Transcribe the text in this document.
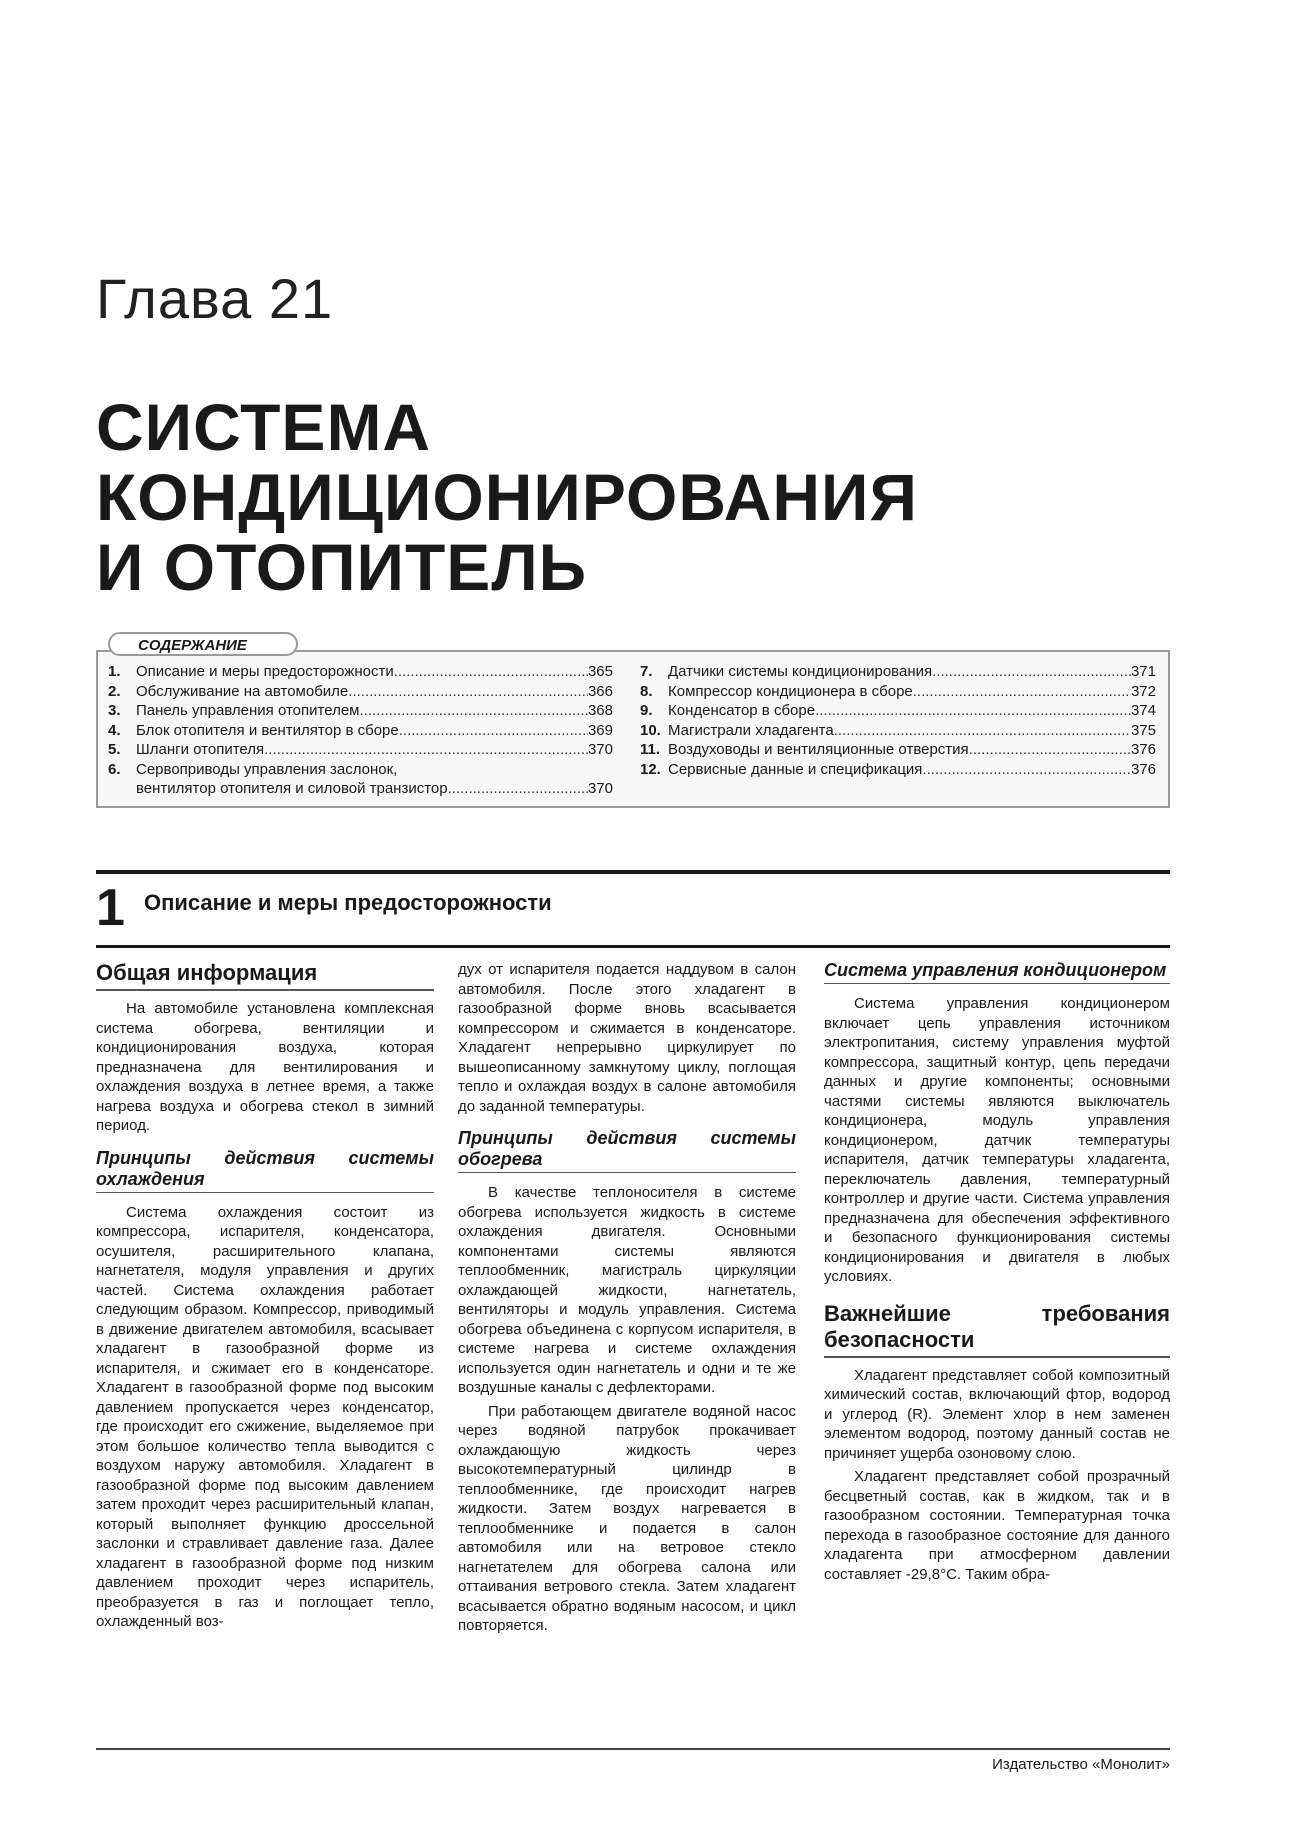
Глава 21
СИСТЕМА
КОНДИЦИОНИРОВАНИЯ
И ОТОПИТЕЛЬ
СОДЕРЖАНИЕ
1.	Описание и меры предосторожности .....	365
2.	Обслуживание на автомобиле .....	366
3.	Панель управления отопителем .....	368
4.	Блок отопителя и вентилятор в сборе .....	369
5.	Шланги отопителя .....	370
6.	Сервоприводы управления заслонок,
вентилятор отопителя и силовой транзистор .....	370
7.	Датчики системы кондиционирования .....	371
8.	Компрессор кондиционера в сборе .....	372
9.	Конденсатор в сборе .....	374
10. Магистрали хладагента .....	375
11. Воздуховоды и вентиляционные отверстия .....	376
12. Сервисные данные и спецификация .....	376
1 Описание и меры предосторожности
Общая информация

На автомобиле установлена комплексная система обогрева, вентиляции и кондиционирования воздуха, которая предназначена для вентилирования и охлаждения воздуха в летнее время, а также нагрева воздуха и обогрева стекол в зимний период.

Принципы действия системы охлаждения

Система охлаждения состоит из компрессора, испарителя, конденсатора, осушителя, расширительного клапана, нагнетателя, модуля управления и других частей. Система охлаждения работает следующим образом. Компрессор, приводимый в движение двигателем автомобиля, всасывает хладагент в газообразной форме из испарителя, и сжимает его в конденсаторе. Хладагент в газообразной форме под высоким давлением пропускается через конденсатор, где происходит его сжижение, выделяемое при этом большое количество тепла выводится с воздухом наружу автомобиля. Хладагент в газообразной форме под высоким давлением затем проходит через расширительный клапан, который выполняет функцию дроссельной заслонки и стравливает давление газа. Далее хладагент в газообразной форме под низким давлением проходит через испаритель, преобразуется в газ и поглощает тепло, охлажденный воз-

дух от испарителя подается наддувом в салон автомобиля. После этого хладагент в газообразной форме вновь всасывается компрессором и сжимается в конденсаторе. Хладагент непрерывно циркулирует по вышеописанному замкнутому циклу, поглощая тепло и охлаждая воздух в салоне автомобиля до заданной температуры.

Принципы действия системы обогрева

В качестве теплоносителя в системе обогрева используется жидкость в системе охлаждения двигателя. Основными компонентами системы являются теплообменник, магистраль циркуляции охлаждающей жидкости, нагнетатель, вентиляторы и модуль управления. Система обогрева объединена с корпусом испарителя, в системе нагрева и системе охлаждения используется один нагнетатель и одни и те же воздушные каналы с дефлекторами.

При работающем двигателе водяной насос через водяной патрубок прокачивает охлаждающую жидкость через высокотемпературный цилиндр в теплообменнике, где происходит нагрев жидкости. Затем воздух нагревается в теплообменнике и подается в салон автомобиля или на ветровое стекло нагнетателем для обогрева салона или оттаивания ветрового стекла. Затем хладагент всасывается обратно водяным насосом, и цикл повторяется.

Система управления кондиционером

Система управления кондиционером включает цепь управления источником электропитания, систему управления муфтой компрессора, защитный контур, цепь передачи данных и другие компоненты; основными частями системы являются выключатель кондиционера, модуль управления кондиционером, датчик температуры испарителя, датчик температуры хладагента, переключатель давления, температурный контроллер и другие части. Система управления предназначена для обеспечения эффективного и безопасного функционирования системы кондиционирования и двигателя в любых условиях.

Важнейшие требования безопасности

Хладагент представляет собой композитный химический состав, включающий фтор, водород и углерод (R). Элемент хлор в нем заменен элементом водород, поэтому данный состав не причиняет ущерба озоновому слою.

Хладагент представляет собой прозрачный бесцветный состав, как в жидком, так и в газообразном состоянии. Температурная точка перехода в газообразное состояние для данного хладагента при атмосферном давлении составляет -29,8°С. Таким обра-

Издательство «Монолит»
